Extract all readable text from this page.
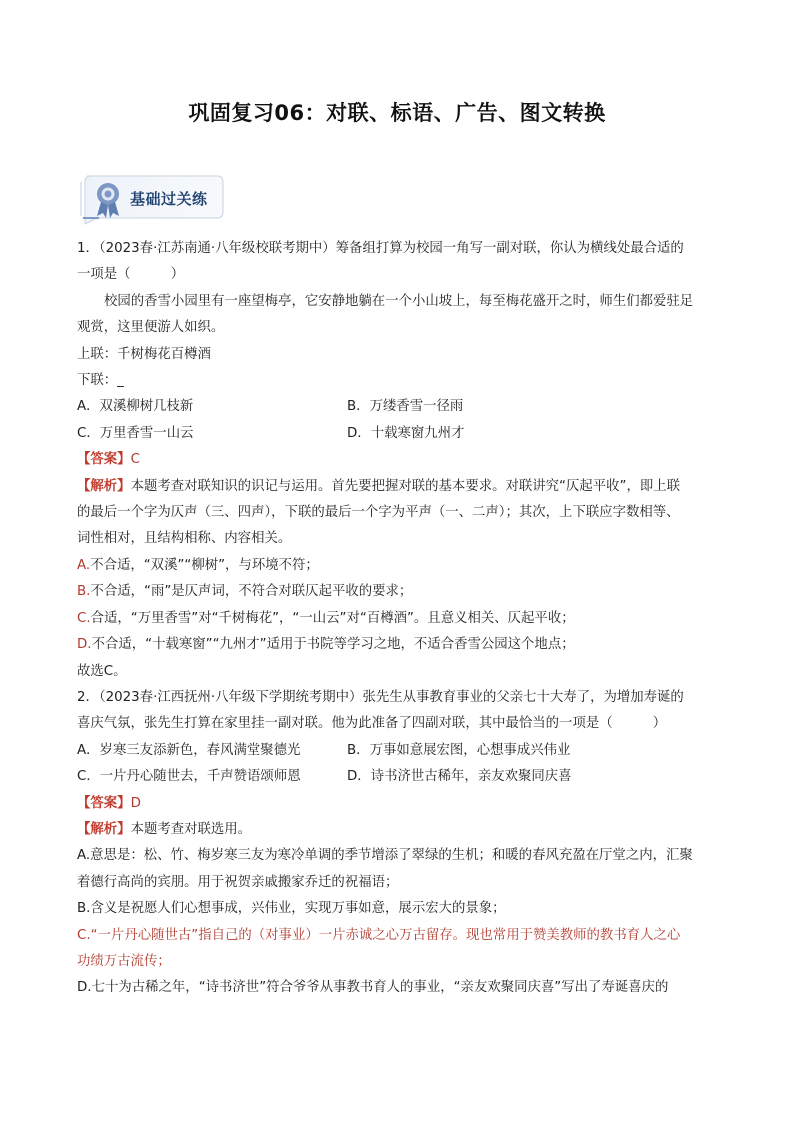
巩固复习06：对联、标语、广告、图文转换
基础过关练
1．（2023春·江苏南通·八年级校联考期中）筹备组打算为校园一角写一副对联，你认为横线处最合适的
一项是（　　　）
校园的香雪小园里有一座望梅亭，它安静地躺在一个小山坡上，每至梅花盛开之时，师生们都爱驻足
观赏，这里便游人如织。
上联：千树梅花百樽酒
下联：_
A．双溪柳树几枝新	B．万缕香雪一径雨
C．万里香雪一山云	D．十载寒窗九州才
【答案】C
【解析】本题考查对联知识的识记与运用。首先要把握对联的基本要求。对联讲究“仄起平收”，即上联
的最后一个字为仄声（三、四声），下联的最后一个字为平声（一、二声）；其次，上下联应字数相等、
词性相对，且结构相称、内容相关。
A.不合适，“双溪”“柳树”，与环境不符；
B.不合适，“雨”是仄声词，不符合对联仄起平收的要求；
C.合适，“万里香雪”对“千树梅花”，“一山云”对“百樽酒”。且意义相关、仄起平收；
D.不合适，“十载寒窗”“九州才”适用于书院等学习之地，不适合香雪公园这个地点；
故选C。
2．（2023春·江西抚州·八年级下学期统考期中）张先生从事教育事业的父亲七十大寿了，为增加寿诞的
喜庆气氛，张先生打算在家里挂一副对联。他为此准备了四副对联，其中最恰当的一项是（　　　）
A．岁寒三友添新色，春风满堂聚德光	B．万事如意展宏图，心想事成兴伟业
C．一片丹心随世去，千声赞语颂师恩	D．诗书济世古稀年，亲友欢聚同庆喜
【答案】D
【解析】本题考查对联选用。
A.意思是：松、竹、梅岁寒三友为寒冷单调的季节增添了翠绿的生机；和暖的春风充盈在厅堂之内，汇聚
着德行高尚的宾朋。用于祝贺亲戚搬家乔迁的祝福语；
B.含义是祝愿人们心想事成，兴伟业，实现万事如意，展示宏大的景象；
C.“一片丹心随世古”指自己的（对事业）一片赤诚之心万古留存。现也常用于赞美教师的教书育人之心
功绩万古流传；
D.七十为古稀之年，“诗书济世”符合爷爷从事教书育人的事业，“亲友欢聚同庆喜”写出了寿诞喜庆的
